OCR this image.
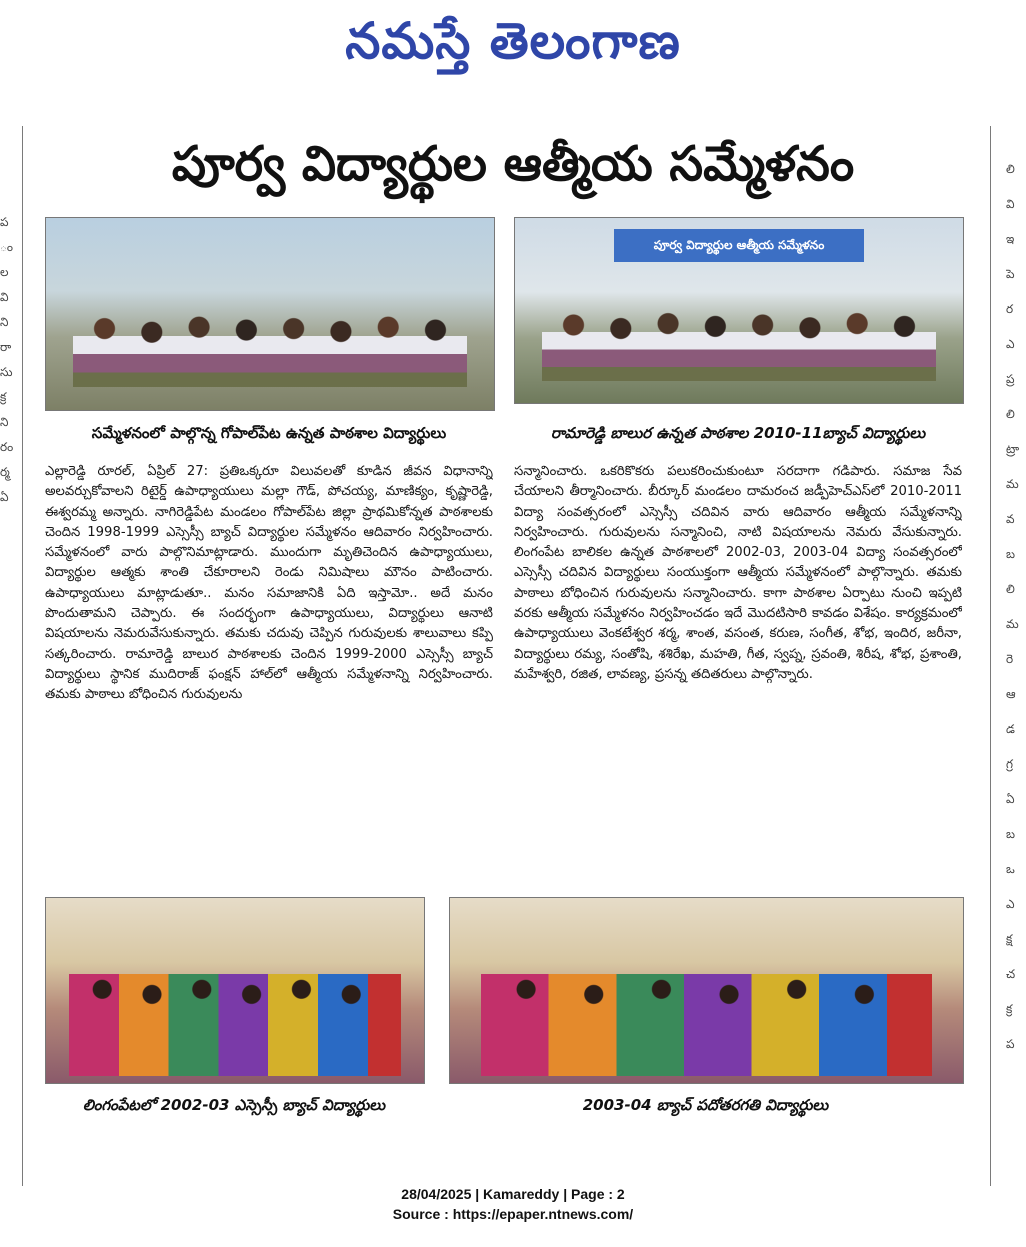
నమస్తే తెలంగాణ
ప
ం
ల
వి
ని
రా
సు
క్ర
ని
రం
ర్మ
ఏ
లి
వి
ఇ
పె
ర
ఎ
ప్ర
లి
ట్రా
మ
వ
బ
లి
మ
రె
ఆ
డ
గ్ర
ఏ
బ
ఒ
ఎ
క్ష
చ
క్ర
ప
పూర్వ విద్యార్థుల ఆత్మీయ సమ్మేళనం
సమ్మేళనంలో పాల్గొన్న గోపాల్‌పేట ఉన్నత పాఠశాల విద్యార్థులు
పూర్వ విద్యార్థుల ఆత్మీయ సమ్మేళనం
రామారెడ్డి బాలుర ఉన్నత పాఠశాల 2010-11బ్యాచ్ విద్యార్థులు
ఎల్లారెడ్డి రూరల్, ఏప్రిల్ 27: ప్రతిఒక్కరూ విలువలతో కూడిన జీవన విధానాన్ని అలవర్చుకోవాలని రిటైర్డ్ ఉపాధ్యాయులు మల్లా గౌడ్, పోచయ్య, మాణిక్యం, కృష్ణారెడ్డి, ఈశ్వరమ్మ అన్నారు. నాగిరెడ్డిపేట మండలం గోపాల్‌పేట జిల్లా ప్రాథమికోన్నత పాఠశాలకు చెందిన 1998-1999 ఎస్సెస్సీ బ్యాచ్ విద్యార్థుల సమ్మేళనం ఆదివారం నిర్వహించారు. సమ్మేళనంలో వారు పాల్గొనిమాట్లాడారు. ముందుగా మృతిచెందిన ఉపాధ్యాయులు, విద్యార్థుల ఆత్మకు శాంతి చేకూరాలని రెండు నిమిషాలు మౌనం పాటించారు. ఉపాధ్యాయులు మాట్లాడుతూ.. మనం సమాజానికి ఏది ఇస్తామో.. అదే మనం పొందుతామని చెప్పారు. ఈ సందర్భంగా ఉపాధ్యాయులు, విద్యార్థులు ఆనాటి విషయాలను నెమరువేసుకున్నారు. తమకు చదువు చెప్పిన గురువులకు శాలువాలు కప్పి సత్కరించారు. రామారెడ్డి బాలుర పాఠశాలకు చెందిన 1999-2000 ఎస్సెస్సీ బ్యాచ్ విద్యార్థులు స్థానిక ముదిరాజ్ ఫంక్షన్ హాల్‌లో ఆత్మీయ సమ్మేళనాన్ని నిర్వహించారు. తమకు పాఠాలు బోధించిన గురువులను
సన్మానించారు. ఒకరికొకరు పలుకరించుకుంటూ సరదాగా గడిపారు. సమాజ సేవ చేయాలని తీర్మానించారు. బీర్కూర్ మండలం దామరంచ జడ్పీహెచ్‌ఎస్‌లో 2010-2011 విద్యా సంవత్సరంలో ఎస్సెస్సీ చదివిన వారు ఆదివారం ఆత్మీయ సమ్మేళనాన్ని నిర్వహించారు. గురువులను సన్మానించి, నాటి విషయాలను నెమరు వేసుకున్నారు. లింగంపేట బాలికల ఉన్నత పాఠశాలలో 2002-03, 2003-04 విద్యా సంవత్సరంలో ఎస్సెస్సీ చదివిన విద్యార్థులు సంయుక్తంగా ఆత్మీయ సమ్మేళనంలో పాల్గొన్నారు. తమకు పాఠాలు బోధించిన గురువులను సన్మానించారు. కాగా పాఠశాల ఏర్పాటు నుంచి ఇప్పటి వరకు ఆత్మీయ సమ్మేళనం నిర్వహించడం ఇదే మొదటిసారి కావడం విశేషం. కార్యక్రమంలో ఉపాధ్యాయులు వెంకటేశ్వర శర్మ, శాంత, వసంత, కరుణ, సంగీత, శోభ, ఇందిర, జరీనా, విద్యార్థులు రమ్య, సంతోషి, శశిరేఖ, మహతి, గీత, స్వప్న, స్రవంతి, శిరీష, శోభ, ప్రశాంతి, మహేశ్వరి, రజిత, లావణ్య, ప్రసన్న తదితరులు పాల్గొన్నారు.
లింగంపేటలో 2002-03 ఎస్సెస్సీ బ్యాచ్ విద్యార్థులు	2003-04 బ్యాచ్ పదోతరగతి విద్యార్థులు
28/04/2025 | Kamareddy | Page : 2
Source : https://epaper.ntnews.com/
